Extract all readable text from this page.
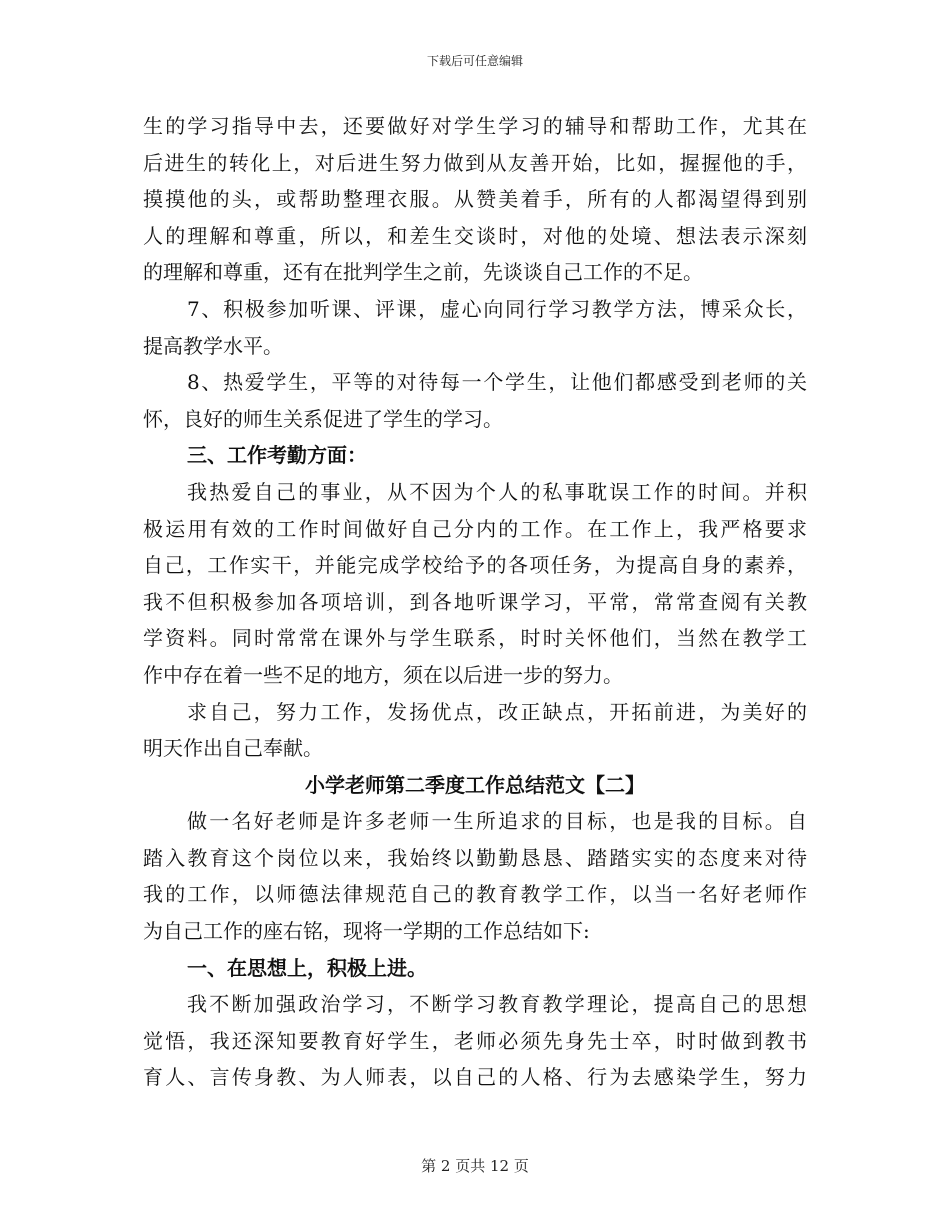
下载后可任意编辑
生的学习指导中去，还要做好对学生学习的辅导和帮助工作，尤其在
后进生的转化上，对后进生努力做到从友善开始，比如，握握他的手，
摸摸他的头，或帮助整理衣服。从赞美着手，所有的人都渴望得到别
人的理解和尊重，所以，和差生交谈时，对他的处境、想法表示深刻
的理解和尊重，还有在批判学生之前，先谈谈自己工作的不足。
7、积极参加听课、评课，虚心向同行学习教学方法，博采众长，
提高教学水平。
8、热爱学生，平等的对待每一个学生，让他们都感受到老师的关
怀，良好的师生关系促进了学生的学习。
三、工作考勤方面：
我热爱自己的事业，从不因为个人的私事耽误工作的时间。并积
极运用有效的工作时间做好自己分内的工作。在工作上，我严格要求
自己，工作实干，并能完成学校给予的各项任务，为提高自身的素养，
我不但积极参加各项培训，到各地听课学习，平常，常常查阅有关教
学资料。同时常常在课外与学生联系，时时关怀他们，当然在教学工
作中存在着一些不足的地方，须在以后进一步的努力。
求自己，努力工作，发扬优点，改正缺点，开拓前进，为美好的
明天作出自己奉献。
小学老师第二季度工作总结范文【二】
做一名好老师是许多老师一生所追求的目标，也是我的目标。自
踏入教育这个岗位以来，我始终以勤勤恳恳、踏踏实实的态度来对待
我的工作，以师德法律规范自己的教育教学工作，以当一名好老师作
为自己工作的座右铭，现将一学期的工作总结如下:
一、在思想上，积极上进。
我不断加强政治学习，不断学习教育教学理论，提高自己的思想
觉悟，我还深知要教育好学生，老师必须先身先士卒，时时做到教书
育人、言传身教、为人师表，以自己的人格、行为去感染学生，努力
第 2 页共 12 页
